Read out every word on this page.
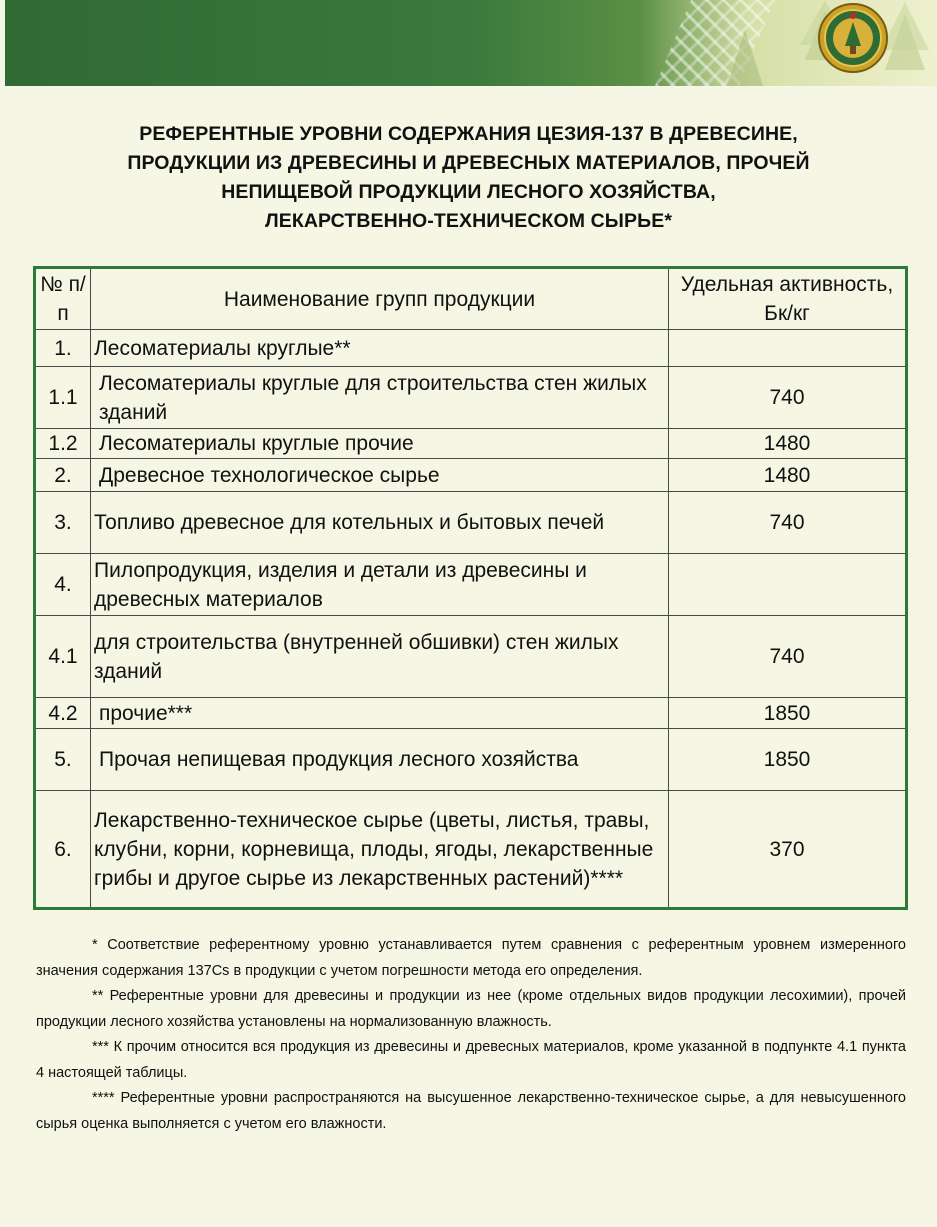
РЕФЕРЕНТНЫЕ УРОВНИ СОДЕРЖАНИЯ ЦЕЗИЯ-137 В ДРЕВЕСИНЕ,
ПРОДУКЦИИ ИЗ ДРЕВЕСИНЫ И ДРЕВЕСНЫХ МАТЕРИАЛОВ, ПРОЧЕЙ
НЕПИЩЕВОЙ ПРОДУКЦИИ ЛЕСНОГО ХОЗЯЙСТВА,
ЛЕКАРСТВЕННО-ТЕХНИЧЕСКОМ СЫРЬЕ*
№ п/п	Наименование групп продукции	Удельная активность, Бк/кг
1.	Лесоматериалы круглые**	
1.1	Лесоматериалы круглые для строительства стен жилых зданий	740
1.2	Лесоматериалы круглые прочие	1480
2.	Древесное технологическое сырье	1480
3.	Топливо древесное для котельных и бытовых печей	740
4.	Пилопродукция, изделия и детали из древесины и древесных материалов	
4.1	для строительства (внутренней обшивки) стен жилых зданий	740
4.2	прочие***	1850
5.	Прочая непищевая продукция лесного хозяйства	1850
6.	Лекарственно-техническое сырье (цветы, листья, травы, клубни, корни, корневища, плоды, ягоды, лекарственные грибы и другое сырье из лекарственных растений)****	370

* Соответствие референтному уровню устанавливается путем сравнения с референтным уровнем измеренного значения содержания 137Cs в продукции с учетом погрешности метода его определения.

** Референтные уровни для древесины и продукции из нее (кроме отдельных видов продукции лесохимии), прочей продукции лесного хозяйства установлены на нормализованную влажность.

*** К прочим относится вся продукция из древесины и древесных материалов, кроме указанной в подпункте 4.1 пункта 4 настоящей таблицы.

**** Референтные уровни распространяются на высушенное лекарственно-техническое сырье, а для невысушенного сырья оценка выполняется с учетом его влажности.
